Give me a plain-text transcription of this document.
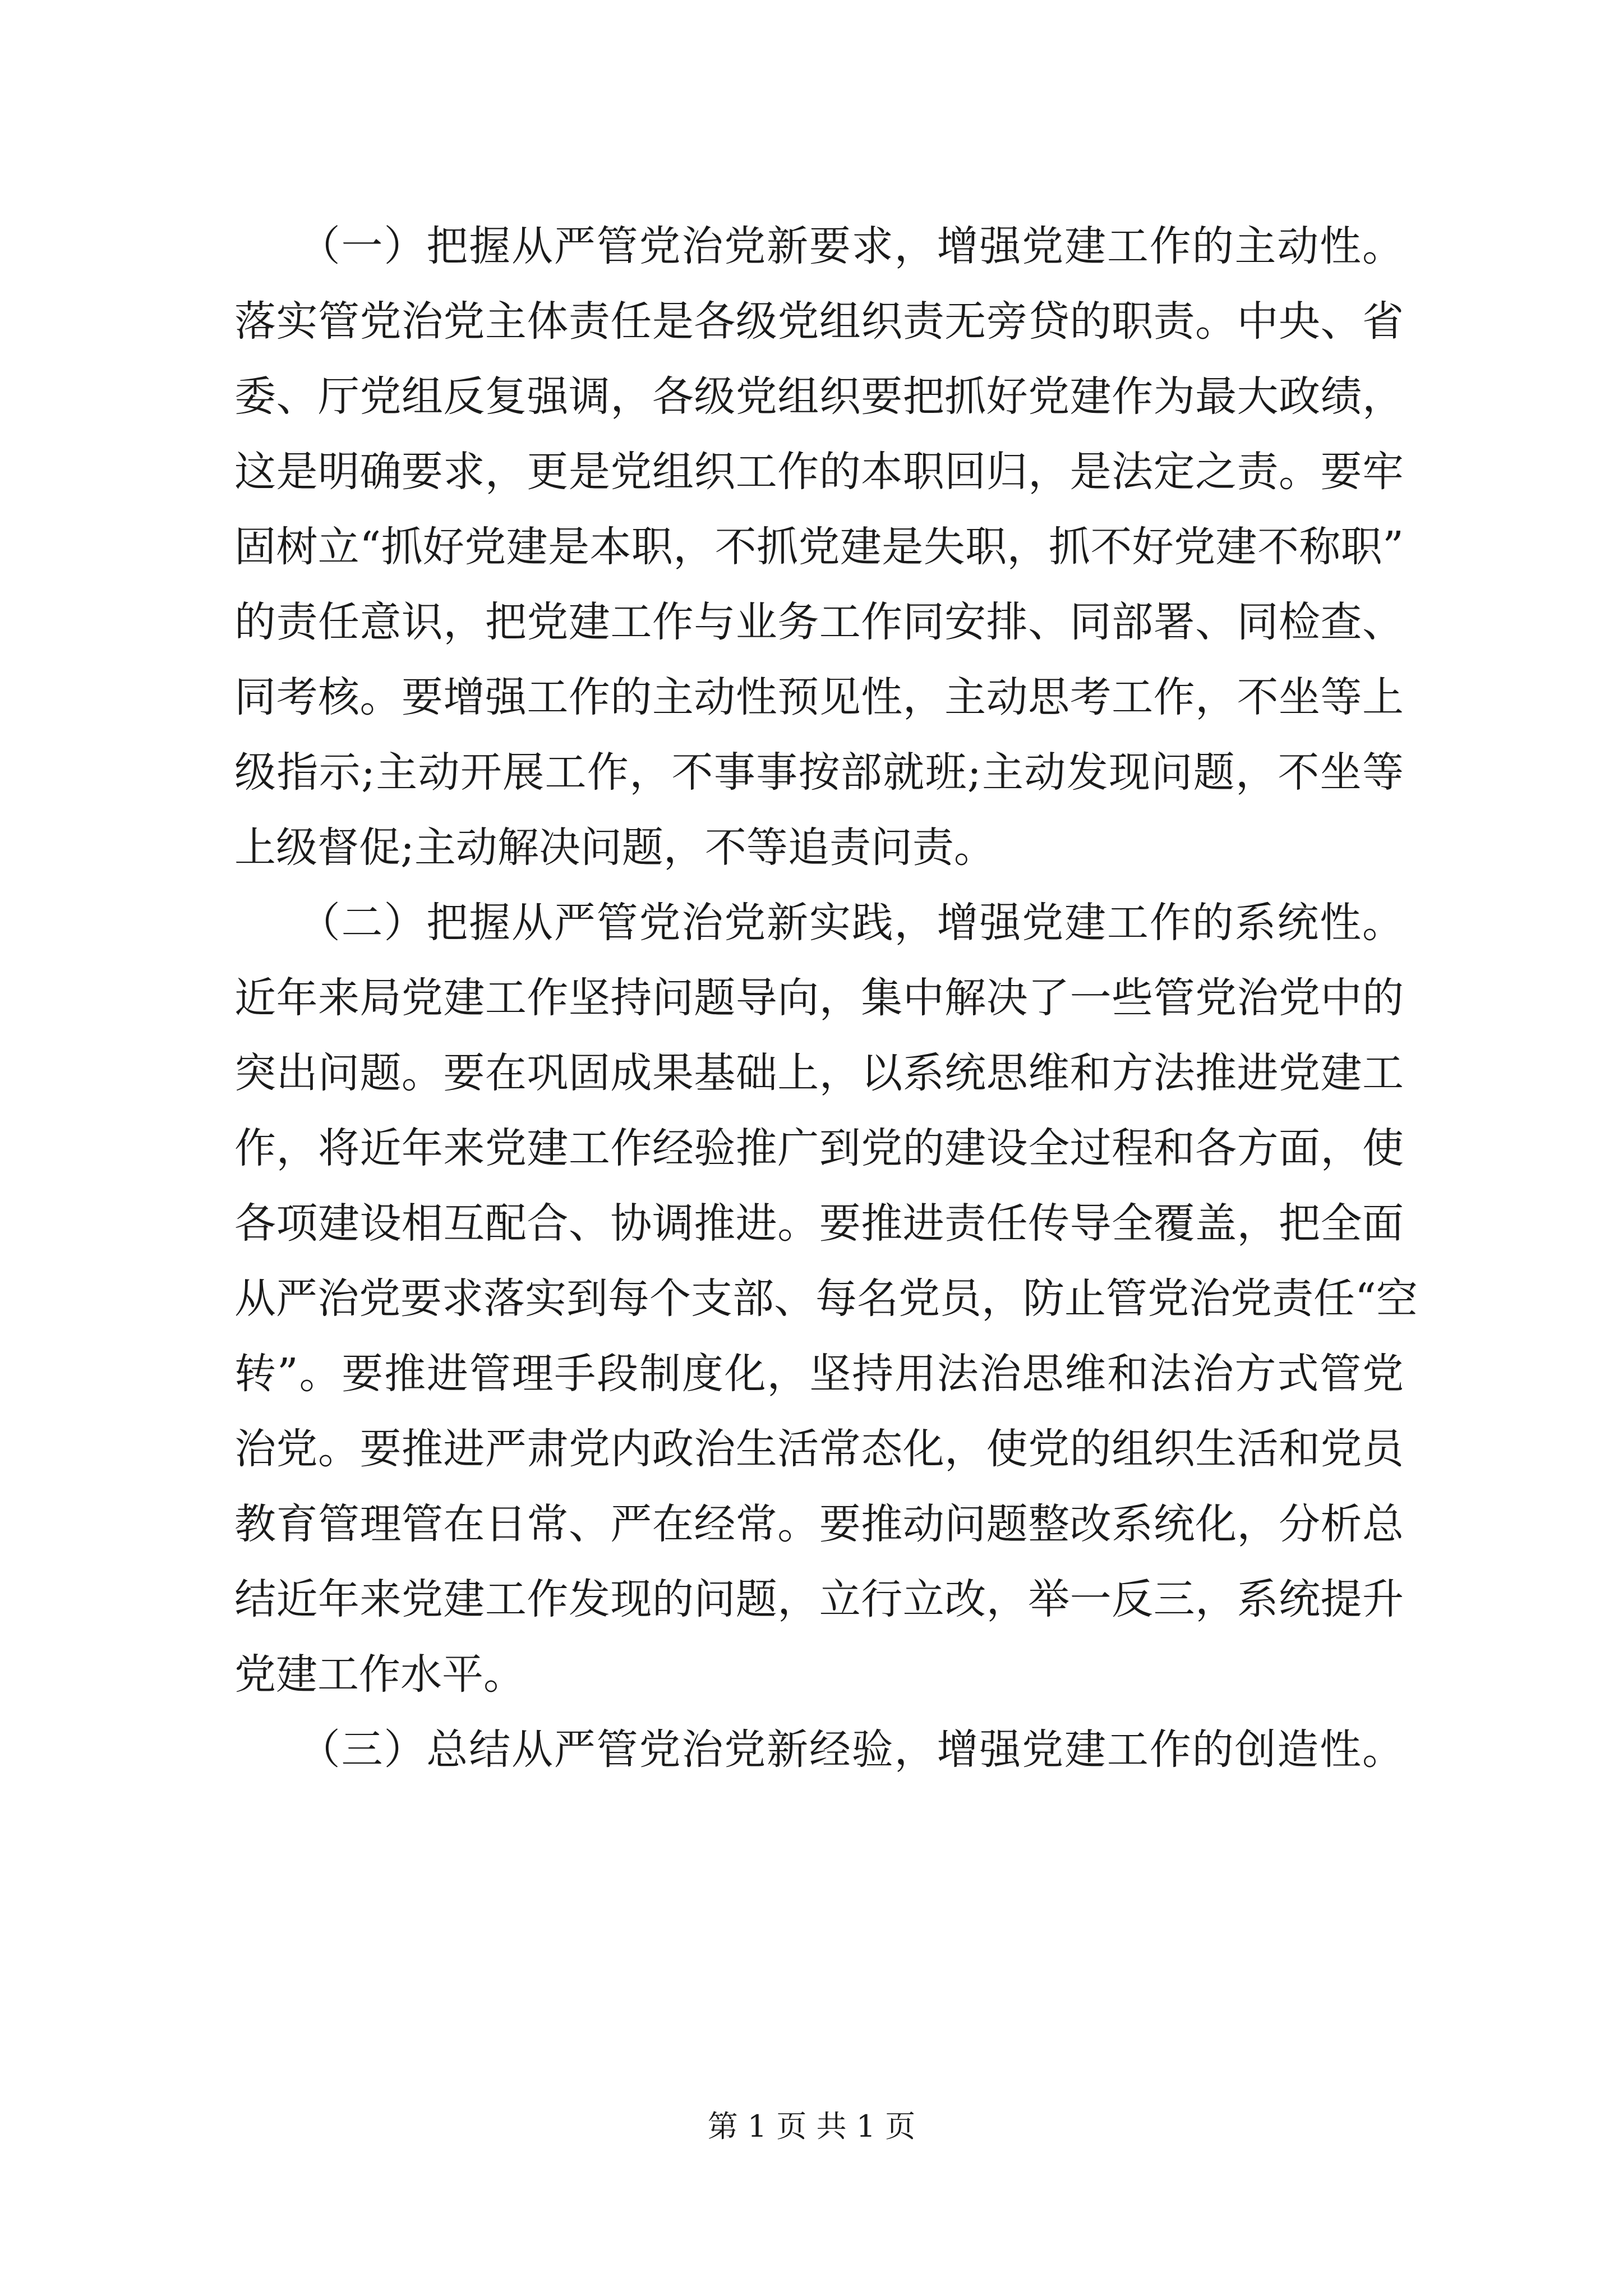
　　（一）把握从严管党治党新要求，增强党建工作的主动性。
落实管党治党主体责任是各级党组织责无旁贷的职责。中央、省
委、厅党组反复强调，各级党组织要把抓好党建作为最大政绩，
这是明确要求，更是党组织工作的本职回归，是法定之责。要牢
固树立“抓好党建是本职，不抓党建是失职，抓不好党建不称职”
的责任意识，把党建工作与业务工作同安排、同部署、同检查、
同考核。要增强工作的主动性预见性，主动思考工作，不坐等上
级指示;主动开展工作，不事事按部就班;主动发现问题，不坐等
上级督促;主动解决问题，不等追责问责。
　　（二）把握从严管党治党新实践，增强党建工作的系统性。
近年来局党建工作坚持问题导向，集中解决了一些管党治党中的
突出问题。要在巩固成果基础上，以系统思维和方法推进党建工
作，将近年来党建工作经验推广到党的建设全过程和各方面，使
各项建设相互配合、协调推进。要推进责任传导全覆盖，把全面
从严治党要求落实到每个支部、每名党员，防止管党治党责任“空
转”。要推进管理手段制度化，坚持用法治思维和法治方式管党
治党。要推进严肃党内政治生活常态化，使党的组织生活和党员
教育管理管在日常、严在经常。要推动问题整改系统化，分析总
结近年来党建工作发现的问题，立行立改，举一反三，系统提升
党建工作水平。
　　（三）总结从严管党治党新经验，增强党建工作的创造性。
第 1 页 共 1 页
